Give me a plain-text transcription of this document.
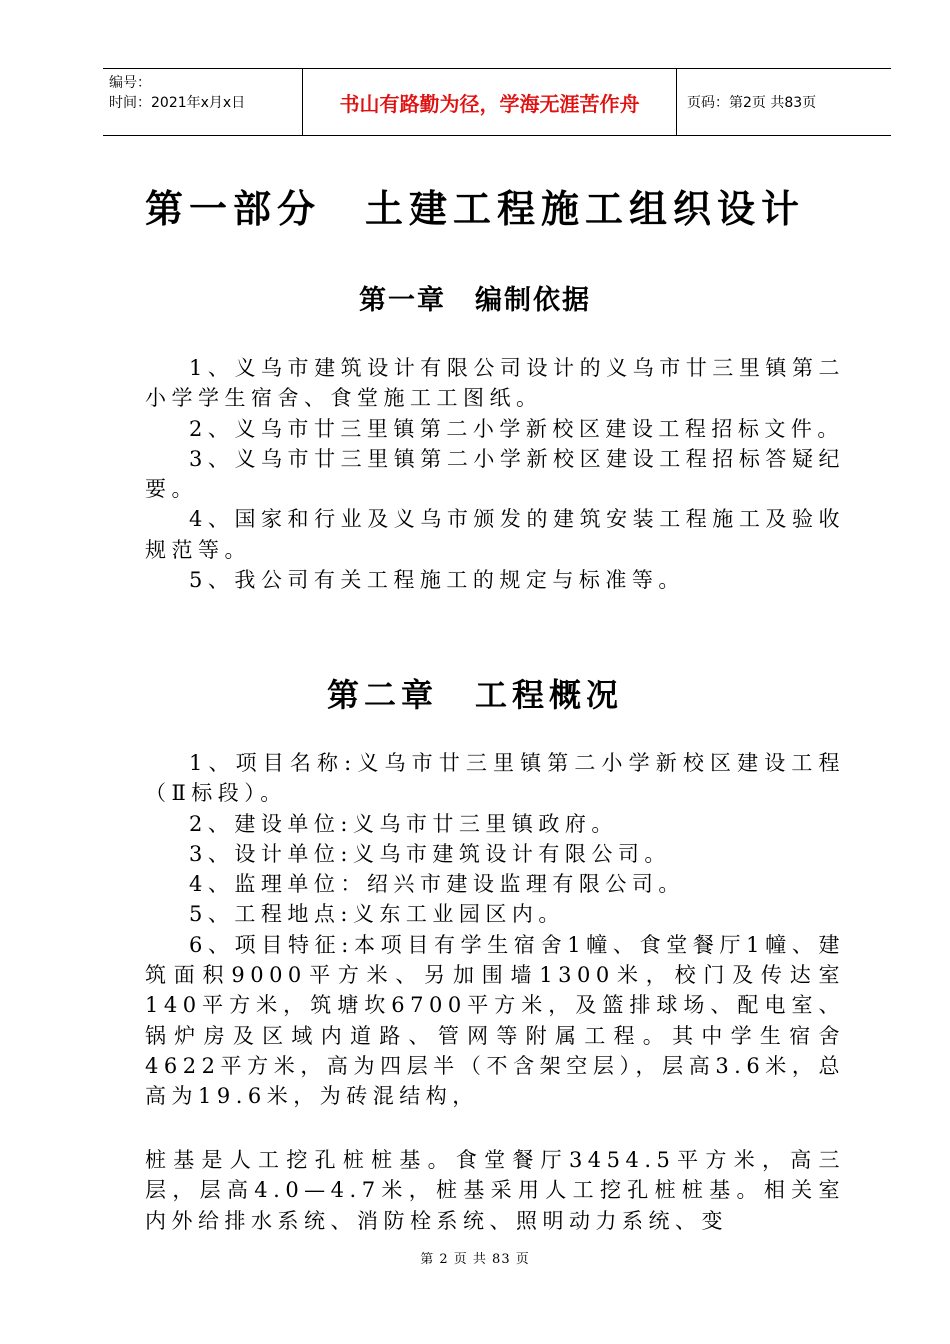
编号：
时间：2021年x月x日	书山有路勤为径，学海无涯苦作舟	页码：第2页 共83页
第一部分　土建工程施工组织设计
第一章　编制依据

1、义乌市建筑设计有限公司设计的义乌市廿三里镇第二小学学生宿舍、食堂施工工图纸。

2、义乌市廿三里镇第二小学新校区建设工程招标文件。

3、义乌市廿三里镇第二小学新校区建设工程招标答疑纪要。

4、国家和行业及义乌市颁发的建筑安装工程施工及验收规范等。

5、我公司有关工程施工的规定与标准等。

第二章　工程概况

1、项目名称:义乌市廿三里镇第二小学新校区建设工程（Ⅱ标段）。

2、建设单位:义乌市廿三里镇政府。

3、设计单位:义乌市建筑设计有限公司。

4、监理单位：绍兴市建设监理有限公司。

5、工程地点:义东工业园区内。

6、项目特征:本项目有学生宿舍1幢、食堂餐厅1幢、建筑面积9000平方米、另加围墙1300米，校门及传达室140平方米，筑塘坎6700平方米，及篮排球场、配电室、锅炉房及区域内道路、管网等附属工程。其中学生宿舍4622平方米，高为四层半（不含架空层），层高3.6米，总高为19.6米，为砖混结构，

桩基是人工挖孔桩桩基。食堂餐厅3454.5平方米，高三层，层高4.0—4.7米，桩基采用人工挖孔桩桩基。相关室内外给排水系统、消防栓系统、照明动力系统、变

第 2 页 共 83 页
